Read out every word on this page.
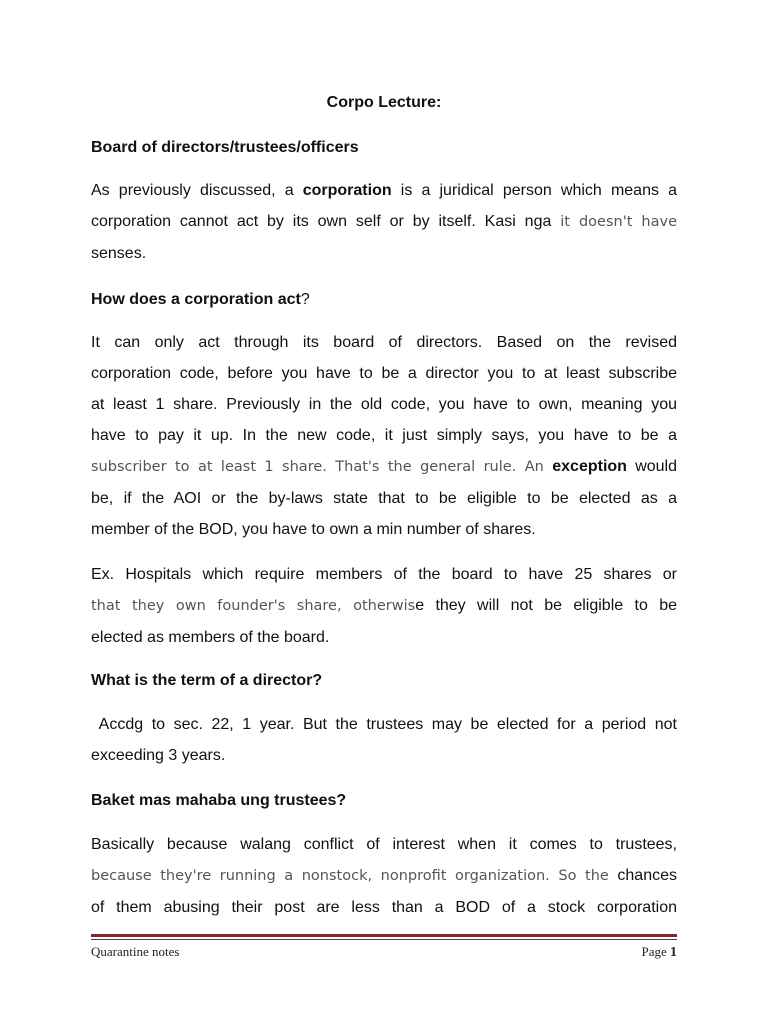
Corpo Lecture:
Board of directors/trustees/officers
As previously discussed, a corporation is a juridical person which means a
corporation cannot act by its own self or by itself. Kasi nga it doesn't have
senses.
How does a corporation act?
It can only act through its board of directors. Based on the revised
corporation code, before you have to be a director you to at least subscribe
at least 1 share. Previously in the old code, you have to own, meaning you
have to pay it up. In the new code, it just simply says, you have to be a
subscriber to at least 1 share. That's the general rule. An exception would
be, if the AOI or the by-laws state that to be eligible to be elected as a
member of the BOD, you have to own a min number of shares.
Ex. Hospitals which require members of the board to have 25 shares or
that they own founder's share, otherwise they will not be eligible to be
elected as members of the board.
What is the term of a director?
Accdg to sec. 22, 1 year. But the trustees may be elected for a period not
exceeding 3 years.
Baket mas mahaba ung trustees?
Basically because walang conflict of interest when it comes to trustees,
because they're running a nonstock, nonprofit organization. So the chances
of them abusing their post are less than a BOD of a stock corporation
Quarantine notes	Page 1
